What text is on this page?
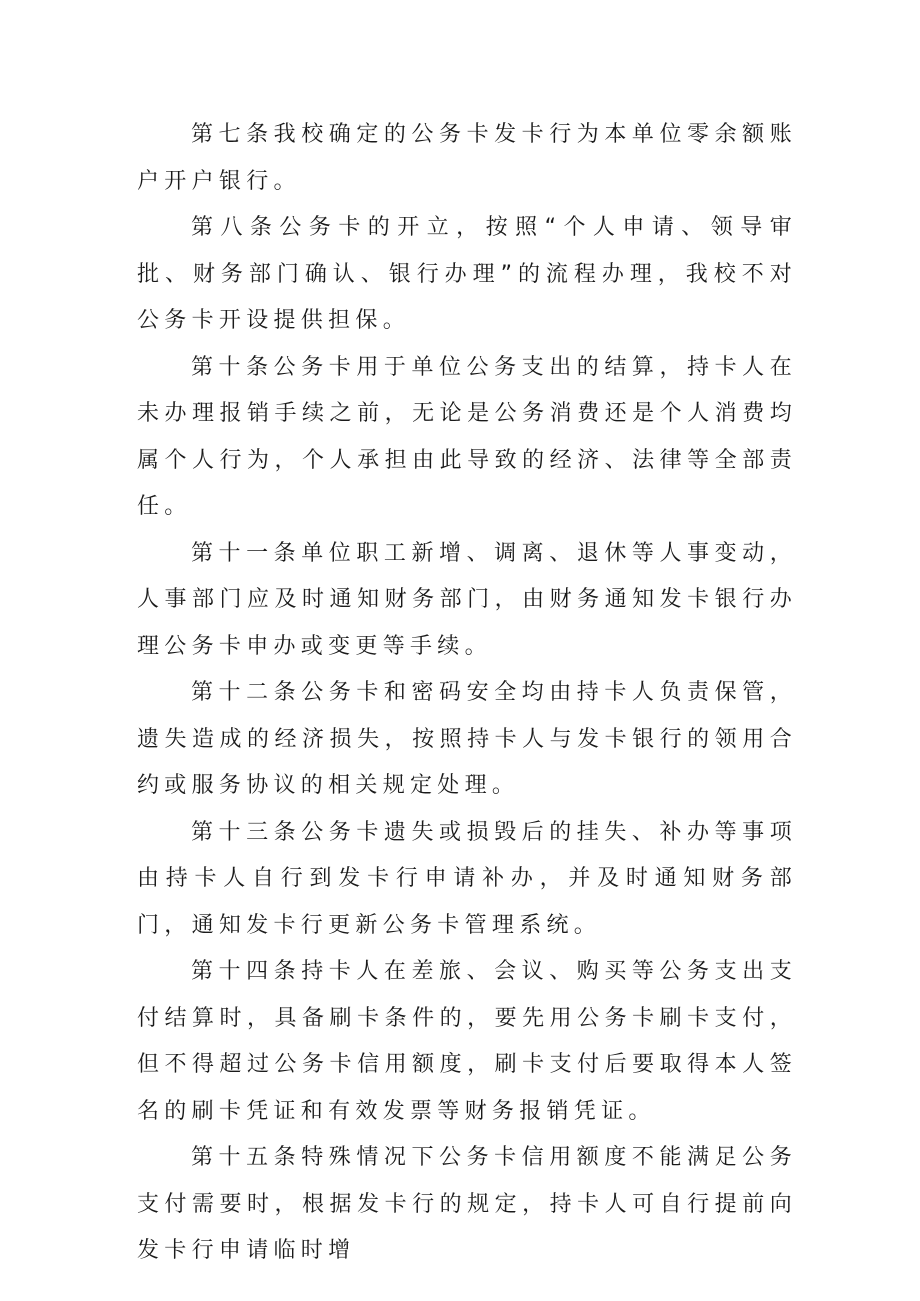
第七条我校确定的公务卡发卡行为本单位零余额账户开户银行。

第八条公务卡的开立，按照“个人申请、领导审批、财务部门确认、银行办理”的流程办理，我校不对公务卡开设提供担保。

第十条公务卡用于单位公务支出的结算，持卡人在未办理报销手续之前，无论是公务消费还是个人消费均属个人行为，个人承担由此导致的经济、法律等全部责任。

第十一条单位职工新增、调离、退休等人事变动，人事部门应及时通知财务部门，由财务通知发卡银行办理公务卡申办或变更等手续。

第十二条公务卡和密码安全均由持卡人负责保管，遗失造成的经济损失，按照持卡人与发卡银行的领用合约或服务协议的相关规定处理。

第十三条公务卡遗失或损毁后的挂失、补办等事项由持卡人自行到发卡行申请补办，并及时通知财务部门，通知发卡行更新公务卡管理系统。

第十四条持卡人在差旅、会议、购买等公务支出支付结算时，具备刷卡条件的，要先用公务卡刷卡支付，但不得超过公务卡信用额度，刷卡支付后要取得本人签名的刷卡凭证和有效发票等财务报销凭证。

第十五条特殊情况下公务卡信用额度不能满足公务支付需要时，根据发卡行的规定，持卡人可自行提前向发卡行申请临时增
